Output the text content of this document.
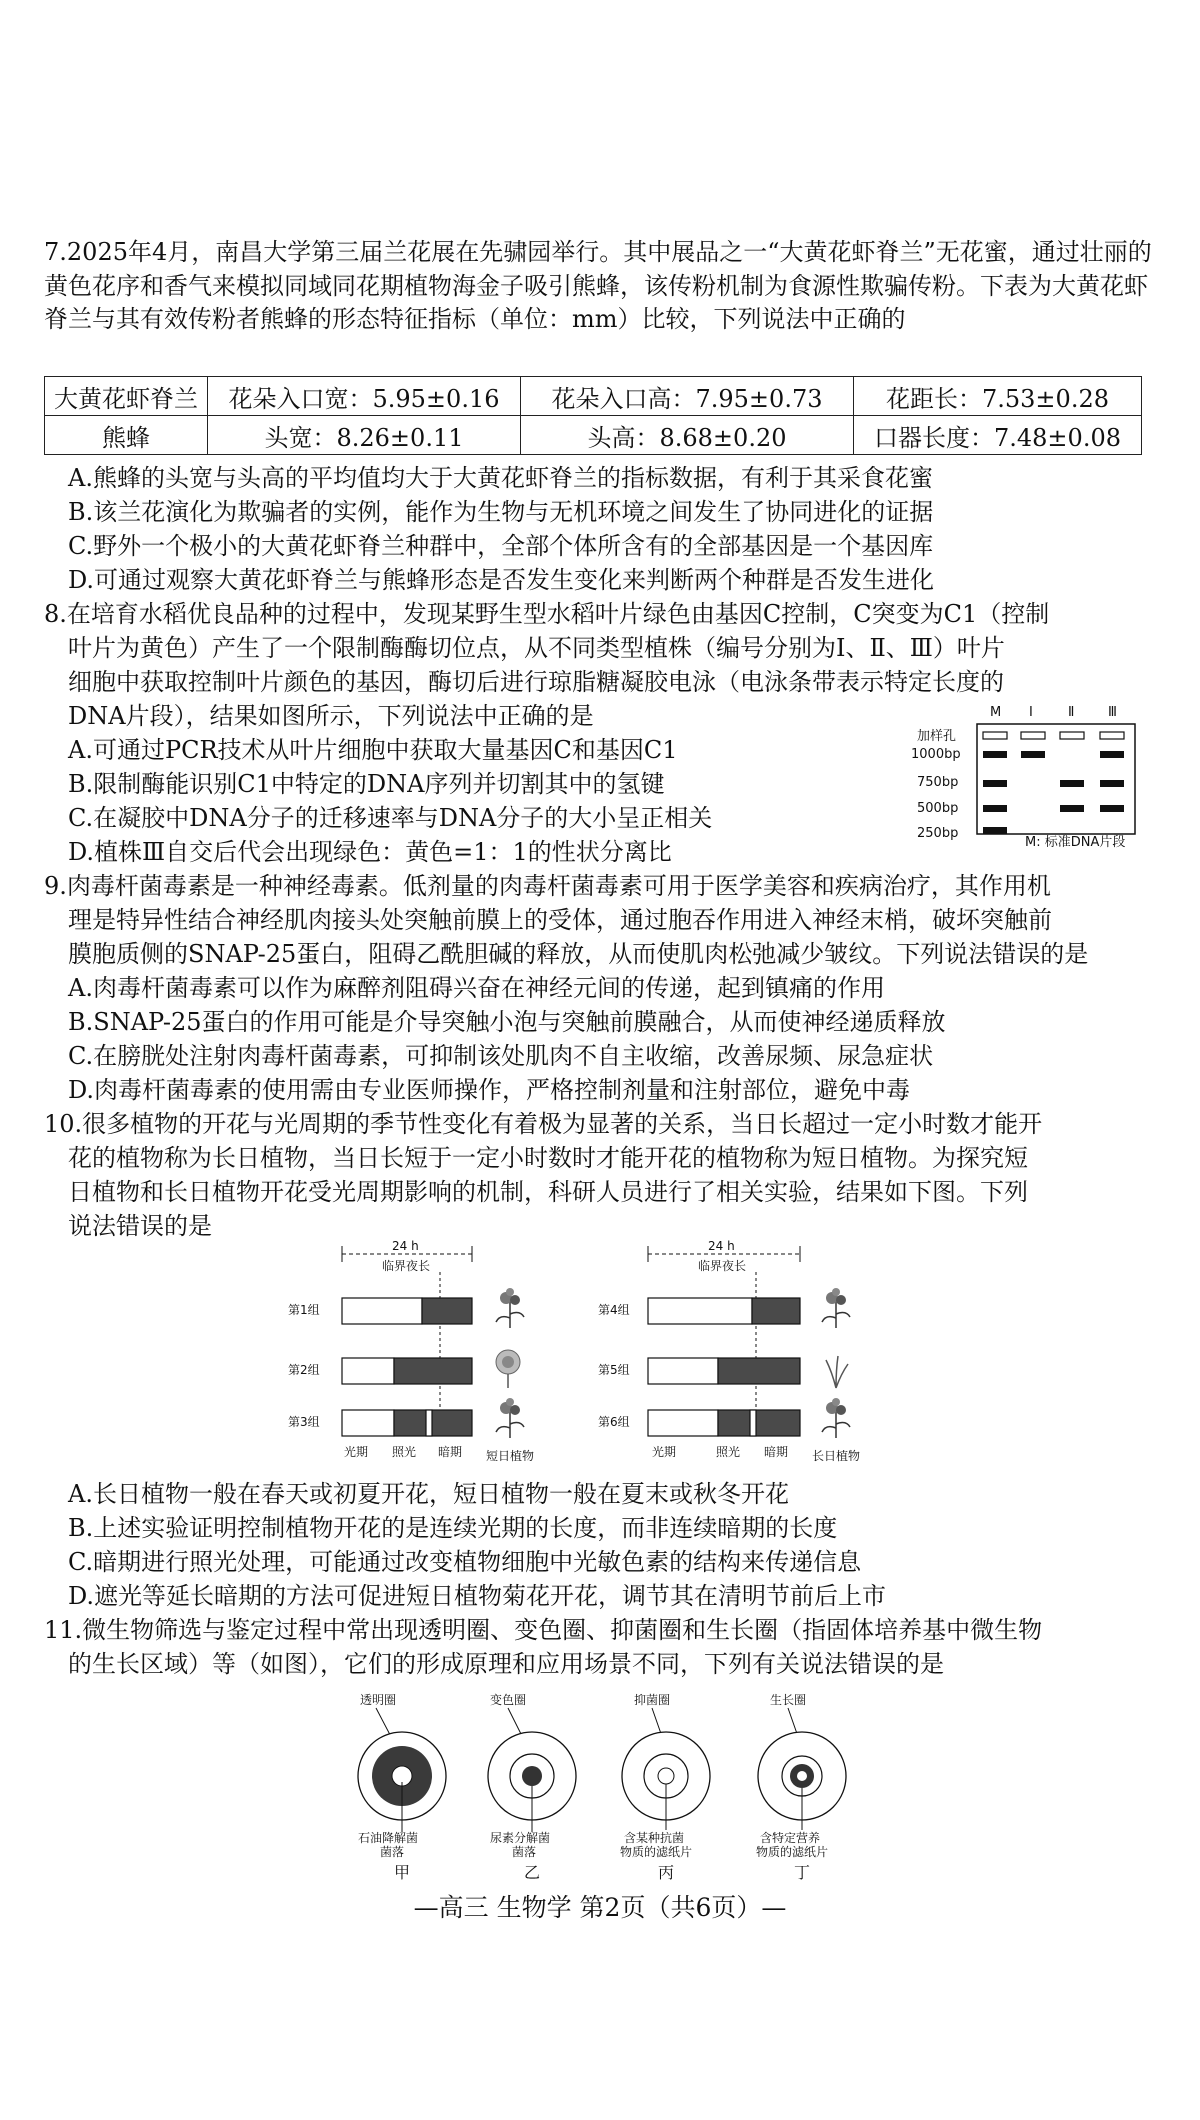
7.2025年4月，南昌大学第三届兰花展在先骕园举行。其中展品之一“大黄花虾脊兰”无花蜜，通过壮丽的黄色花序和香气来模拟同域同花期植物海金子吸引熊蜂，该传粉机制为食源性欺骗传粉。下表为大黄花虾脊兰与其有效传粉者熊蜂的形态特征指标（单位：mm）比较，下列说法中正确的
大黄花虾脊兰	花朵入口宽：5.95±0.16	花朵入口高：7.95±0.73	花距长：7.53±0.28
熊蜂	头宽：8.26±0.11	头高：8.68±0.20	口器长度：7.48±0.08
A.熊蜂的头宽与头高的平均值均大于大黄花虾脊兰的指标数据，有利于其采食花蜜
B.该兰花演化为欺骗者的实例，能作为生物与无机环境之间发生了协同进化的证据
C.野外一个极小的大黄花虾脊兰种群中，全部个体所含有的全部基因是一个基因库
D.可通过观察大黄花虾脊兰与熊蜂形态是否发生变化来判断两个种群是否发生进化
8.在培育水稻优良品种的过程中，发现某野生型水稻叶片绿色由基因C控制，C突变为C1（控制
叶片为黄色）产生了一个限制酶酶切位点，从不同类型植株（编号分别为Ⅰ、Ⅱ、Ⅲ）叶片
细胞中获取控制叶片颜色的基因，酶切后进行琼脂糖凝胶电泳（电泳条带表示特定长度的
DNA片段），结果如图所示，下列说法中正确的是
A.可通过PCR技术从叶片细胞中获取大量基因C和基因C1
B.限制酶能识别C1中特定的DNA序列并切割其中的氢键
C.在凝胶中DNA分子的迁移速率与DNA分子的大小呈正相关
D.植株Ⅲ自交后代会出现绿色：黄色=1：1的性状分离比
M Ⅰ	Ⅱ	Ⅲ
加样孔
1000bp
750bp
500bp
250bp
M: 标准DNA片段
9.肉毒杆菌毒素是一种神经毒素。低剂量的肉毒杆菌毒素可用于医学美容和疾病治疗，其作用机
理是特异性结合神经肌肉接头处突触前膜上的受体，通过胞吞作用进入神经末梢，破坏突触前
膜胞质侧的SNAP-25蛋白，阻碍乙酰胆碱的释放，从而使肌肉松弛减少皱纹。下列说法错误的是
A.肉毒杆菌毒素可以作为麻醉剂阻碍兴奋在神经元间的传递，起到镇痛的作用
B.SNAP-25蛋白的作用可能是介导突触小泡与突触前膜融合，从而使神经递质释放
C.在膀胱处注射肉毒杆菌毒素，可抑制该处肌肉不自主收缩，改善尿频、尿急症状
D.肉毒杆菌毒素的使用需由专业医师操作，严格控制剂量和注射部位，避免中毒
10.很多植物的开花与光周期的季节性变化有着极为显著的关系，当日长超过一定小时数才能开
花的植物称为长日植物，当日长短于一定小时数时才能开花的植物称为短日植物。为探究短
日植物和长日植物开花受光周期影响的机制，科研人员进行了相关实验，结果如下图。下列
说法错误的是
24 h
临界夜长
24 h
临界夜长
第1组
第2组
第3组
第4组
第5组
第6组
光期 照光 暗期 短日植物	光期	照光 暗期 长日植物
A.长日植物一般在春天或初夏开花，短日植物一般在夏末或秋冬开花
B.上述实验证明控制植物开花的是连续光期的长度，而非连续暗期的长度
C.暗期进行照光处理，可能通过改变植物细胞中光敏色素的结构来传递信息
D.遮光等延长暗期的方法可促进短日植物菊花开花，调节其在清明节前后上市
11.微生物筛选与鉴定过程中常出现透明圈、变色圈、抑菌圈和生长圈（指固体培养基中微生物
的生长区域）等（如图），它们的形成原理和应用场景不同，下列有关说法错误的是
透明圈
石油降解菌
菌落
甲
变色圈
尿素分解菌
菌落
乙
抑菌圈
含某种抗菌
物质的滤纸片
丙
生长圈
含特定营养
物质的滤纸片
丁
—高三 生物学 第2页（共6页）—
